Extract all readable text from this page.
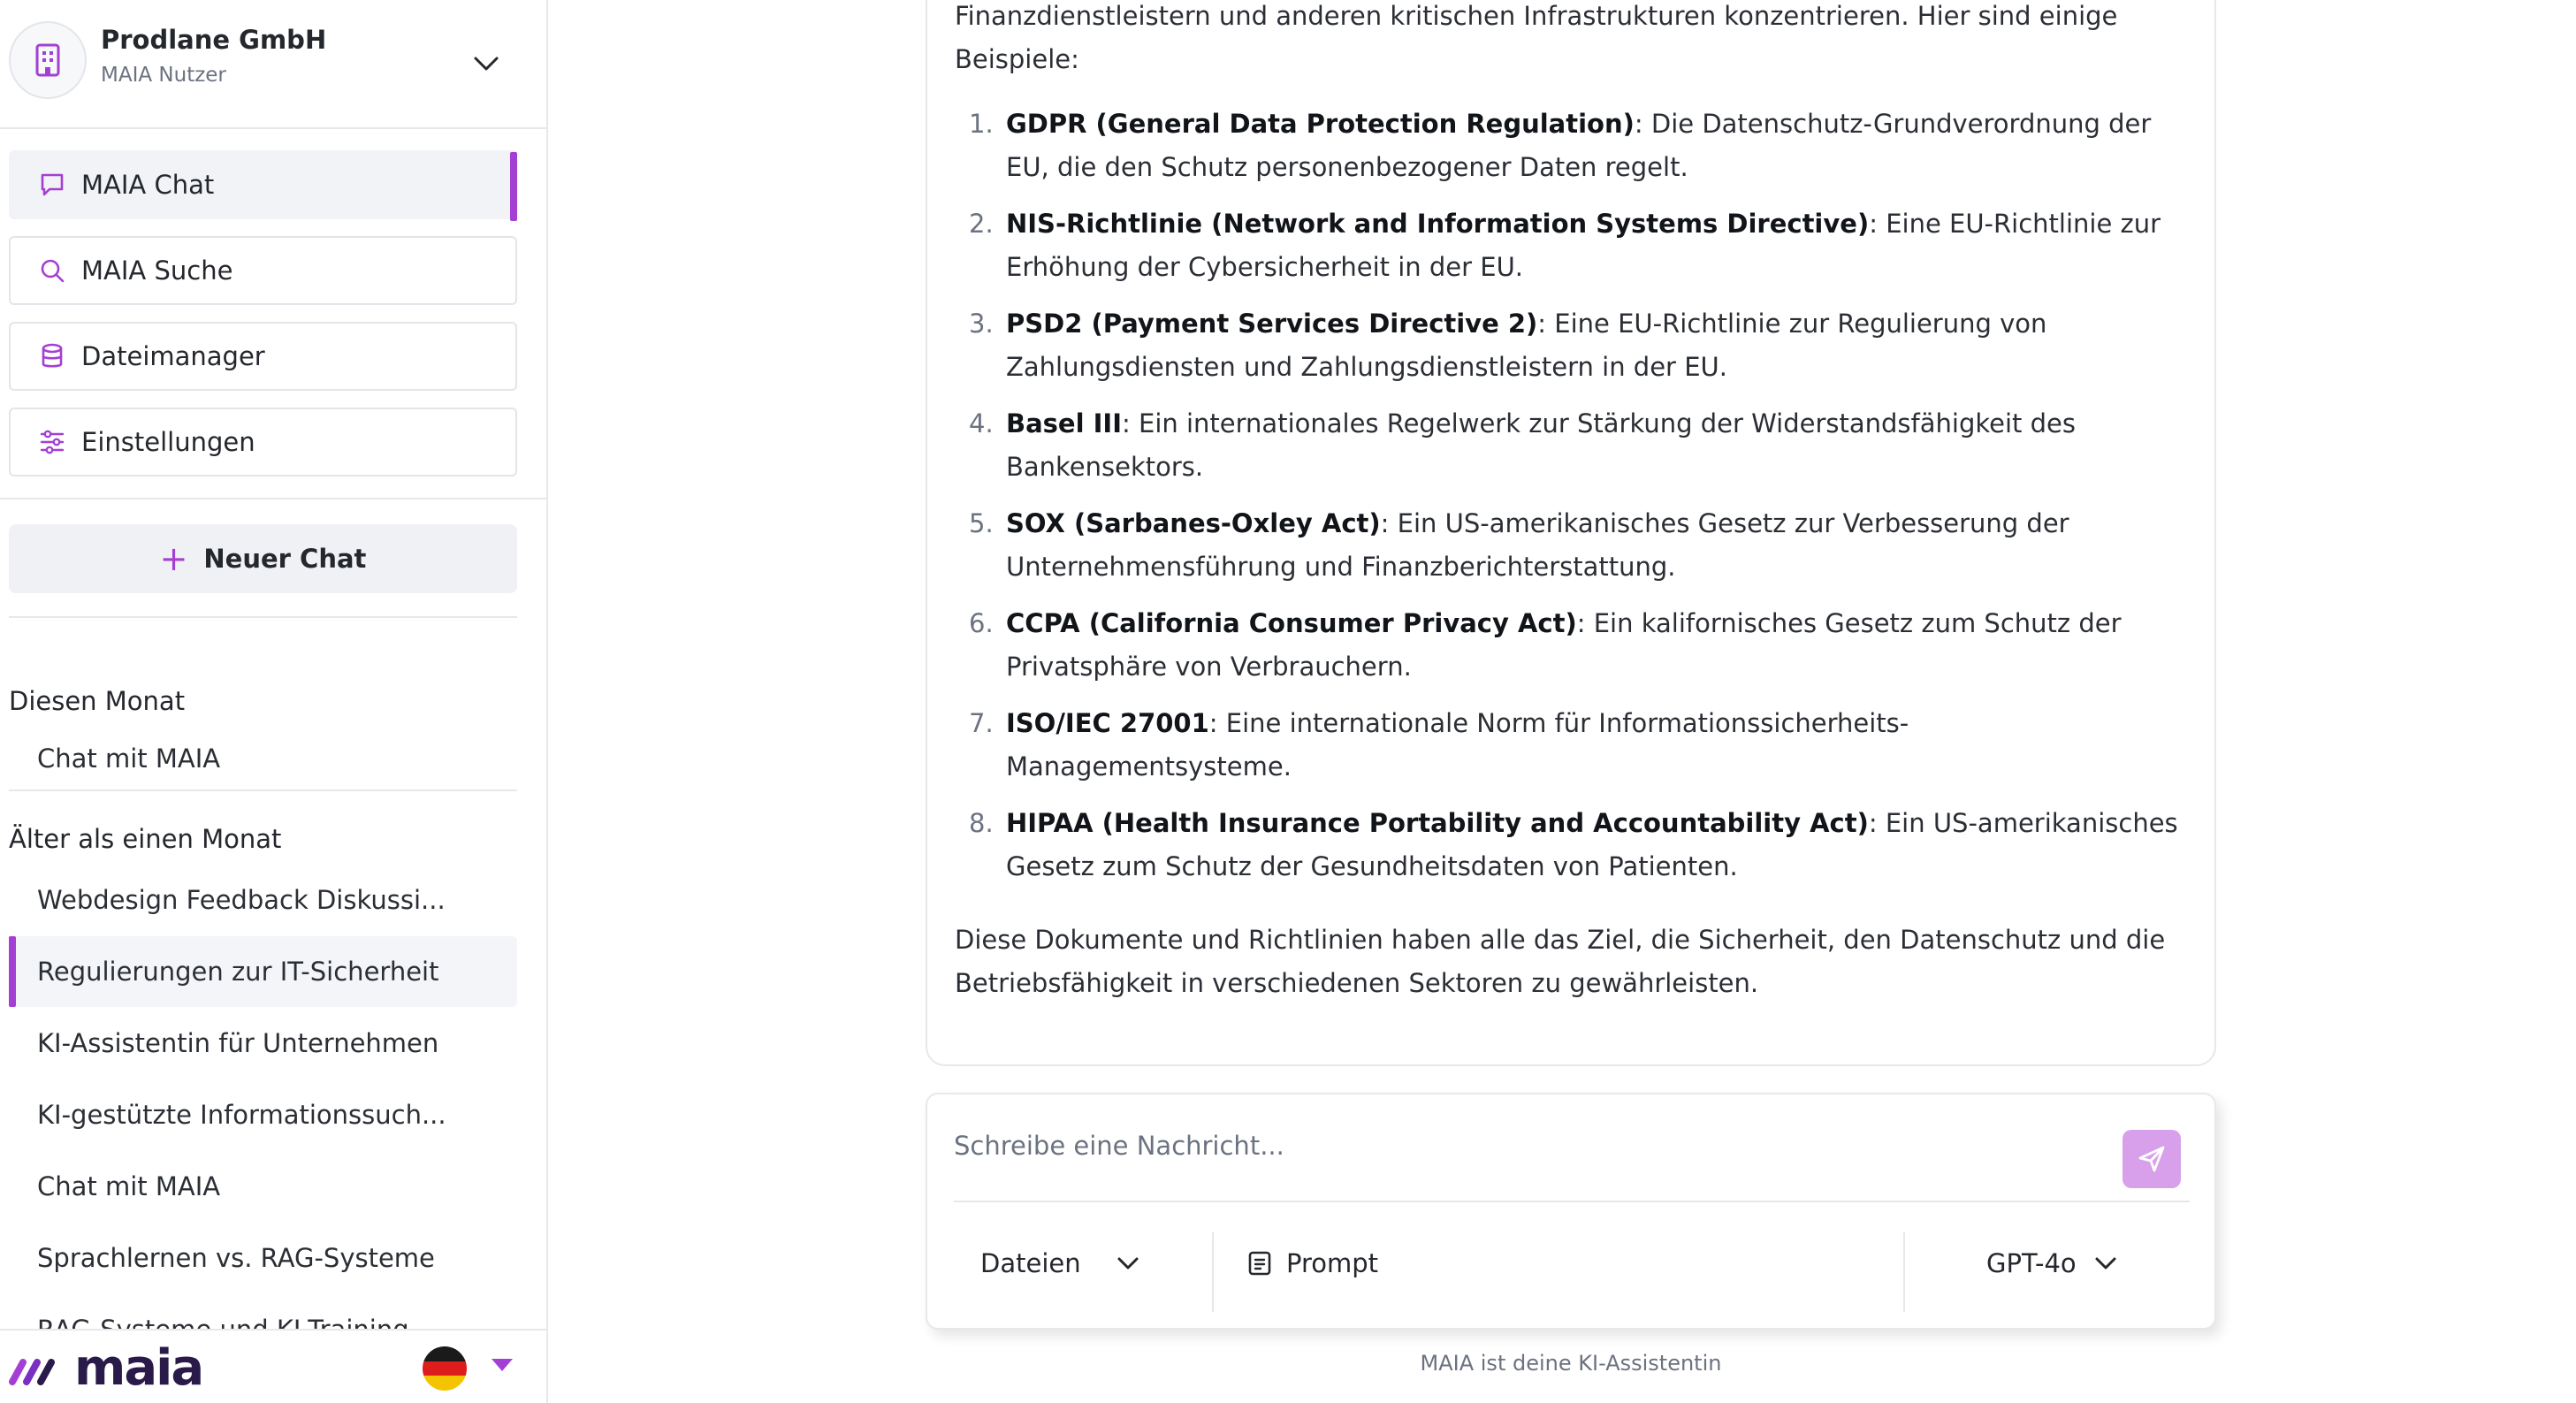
Prodlane GmbH
MAIA Nutzer
MAIA Chat
MAIA Suche
Dateimanager
Einstellungen
+ Neuer Chat
Diesen Monat
Chat mit MAIA
Älter als einen Monat
Webdesign Feedback Diskussi...
Regulierungen zur IT-Sicherheit
KI-Assistentin für Unternehmen
KI-gestützte Informationssuch...
Chat mit MAIA
Sprachlernen vs. RAG-Systeme
maia

Finanzdienstleistern und anderen kritischen Infrastrukturen konzentrieren. Hier sind einige Beispiele:

1. GDPR (General Data Protection Regulation): Die Datenschutz-Grundverordnung der EU, die den Schutz personenbezogener Daten regelt.
2. NIS-Richtlinie (Network and Information Systems Directive): Eine EU-Richtlinie zur Erhöhung der Cybersicherheit in der EU.
3. PSD2 (Payment Services Directive 2): Eine EU-Richtlinie zur Regulierung von Zahlungsdiensten und Zahlungsdienstleistern in der EU.
4. Basel III: Ein internationales Regelwerk zur Stärkung der Widerstandsfähigkeit des Bankensektors.
5. SOX (Sarbanes-Oxley Act): Ein US-amerikanisches Gesetz zur Verbesserung der Unternehmensführung und Finanzberichterstattung.
6. CCPA (California Consumer Privacy Act): Ein kalifornisches Gesetz zum Schutz der Privatsphäre von Verbrauchern.
7. ISO/IEC 27001: Eine internationale Norm für Informationssicherheits-Managementsysteme.
8. HIPAA (Health Insurance Portability and Accountability Act): Ein US-amerikanisches Gesetz zum Schutz der Gesundheitsdaten von Patienten.

Diese Dokumente und Richtlinien haben alle das Ziel, die Sicherheit, den Datenschutz und die Betriebsfähigkeit in verschiedenen Sektoren zu gewährleisten.

Schreibe eine Nachricht...
Dateien	Prompt	GPT-4o
MAIA ist deine KI-Assistentin
